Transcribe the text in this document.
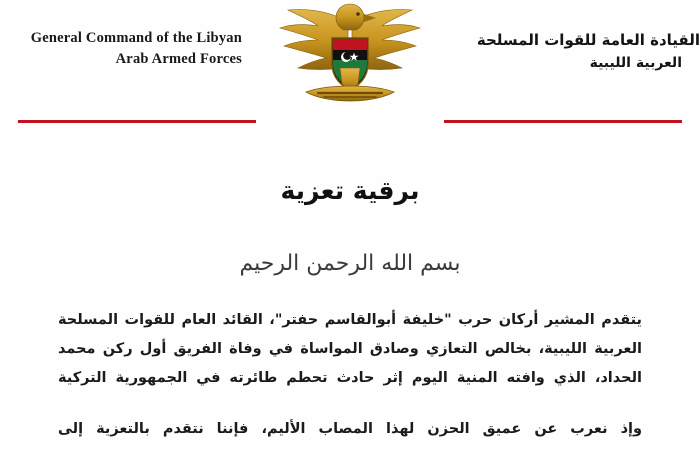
General Command of the Libyan
Arab Armed Forces
القيادة العامة للقوات المسلحة
العربية الليبية
برقية تعزية
بسم الله الرحمن الرحيم
يتقدم المشير أركان حرب "خليفة أبوالقاسم حفتر"، القائد العام للقوات المسلحة العربية الليبية، بخالص التعازي وصادق المواساة في وفاة الفريق أول ركن محمد الحداد، الذي وافته المنية اليوم إثر حادث تحطم طائرته في الجمهورية التركية
وإذ نعرب عن عميق الحزن لهذا المصاب الأليم، فإننا نتقدم بالتعزية إلى
